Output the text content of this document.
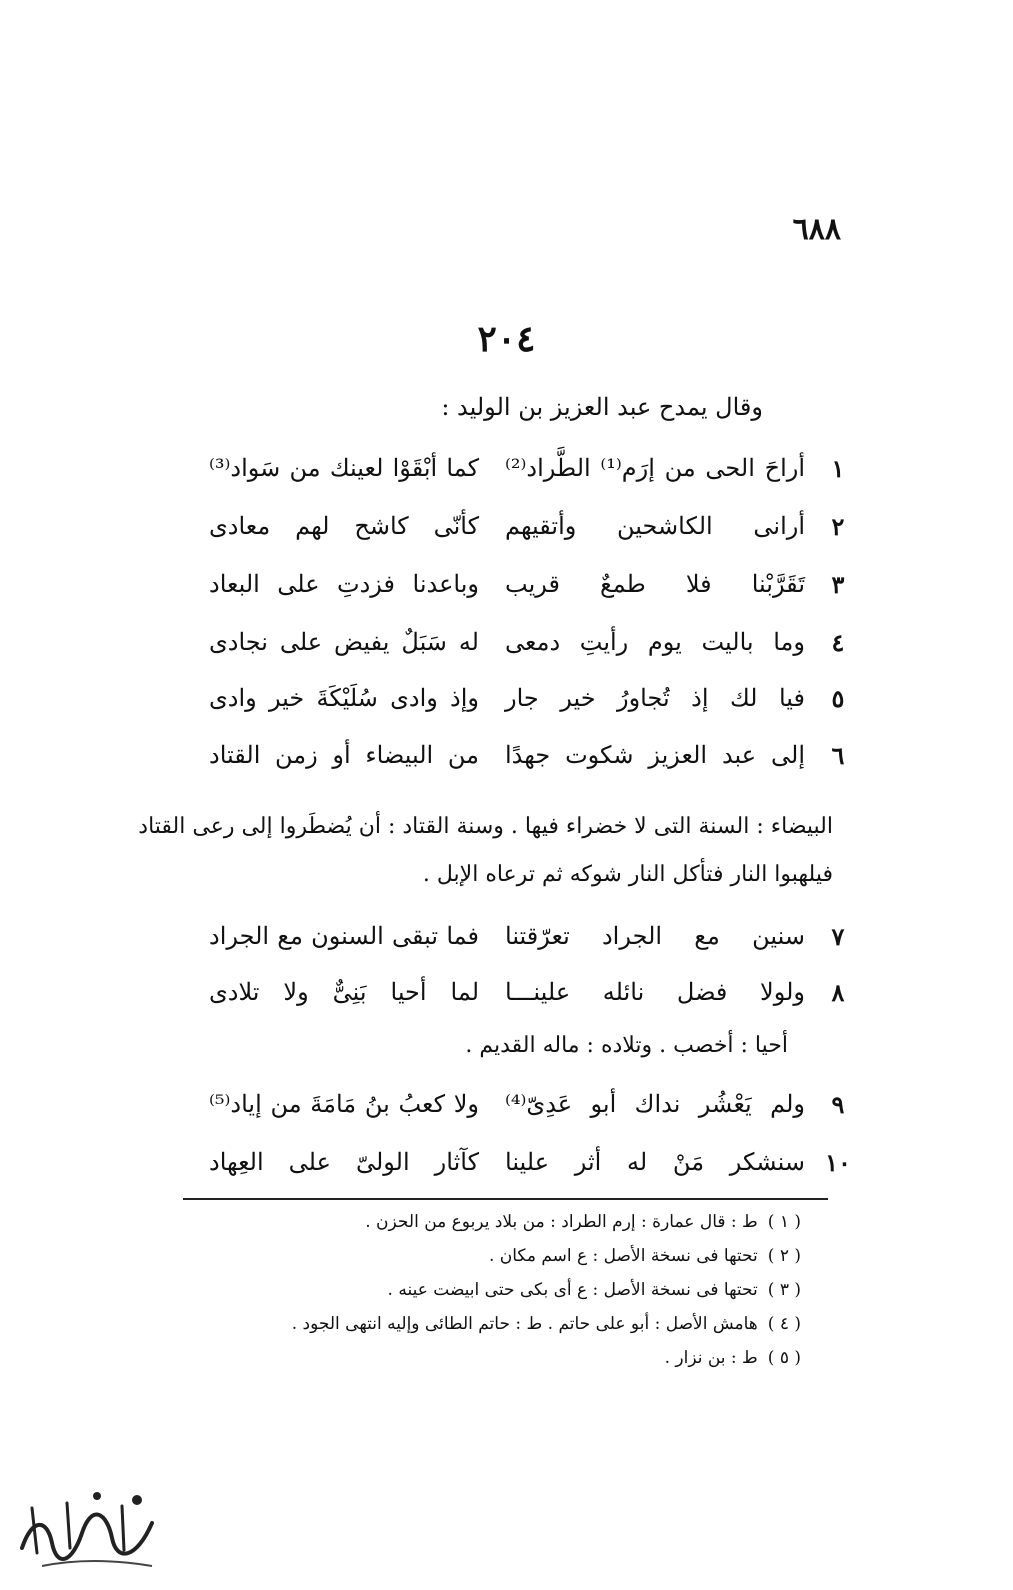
٦٨٨
٢٠٤
وقال يمدح عبد العزيز بن الوليد :
١
أراحَ الحى من إرَم⁽¹⁾ الطَّراد⁽²⁾
كما أبْقَوْا لعينك من سَواد⁽³⁾
٢
أرانى الكاشحين وأتقيهم
كأنّى كاشح لهم معادى
٣
تَقَرَّبْنا فلا طمعٌ قريب
وباعدنا فزدتِ على البعاد
٤
وما باليت يوم رأيتِ دمعى
له سَبَلٌ يفيض على نجادى
٥
فيا لك إذ تُجاورُ خير جار
وإذ وادى سُلَيْكَةَ خير وادى
٦
إلى عبد العزيز شكوت جهدًا
من البيضاء أو زمن القتاد
البيضاء : السنة التى لا خضراء فيها . وسنة القتاد : أن يُضطَروا إلى رعى القتاد فيلهبوا النار فتأكل النار شوكه ثم ترعاه الإبل .
٧
سنين مع الجراد تعرّقتنا
فما تبقى السنون مع الجراد
٨
ولولا فضل نائله علينـــا
لما أحيا بَنِىٌّ ولا تلادى
أحيا : أخصب . وتلاده : ماله القديم .
٩
ولم يَعْشُر نداك أبو عَدِىّ⁽⁴⁾
ولا كعبُ بنُ مَامَةَ من إياد⁽⁵⁾
١٠
سنشكر مَنْ له أثر علينا
كآثار الولىّ على العِهاد
( ١ )ط : قال عمارة : إرم الطراد : من بلاد يربوع من الحزن .
( ٢ )تحتها فى نسخة الأصل : ع اسم مكان .
( ٣ )تحتها فى نسخة الأصل : ع أى بكى حتى ابيضت عينه .
( ٤ )هامش الأصل : أبو على حاتم . ط : حاتم الطائى وإليه انتهى الجود .
( ٥ )ط : بن نزار .
